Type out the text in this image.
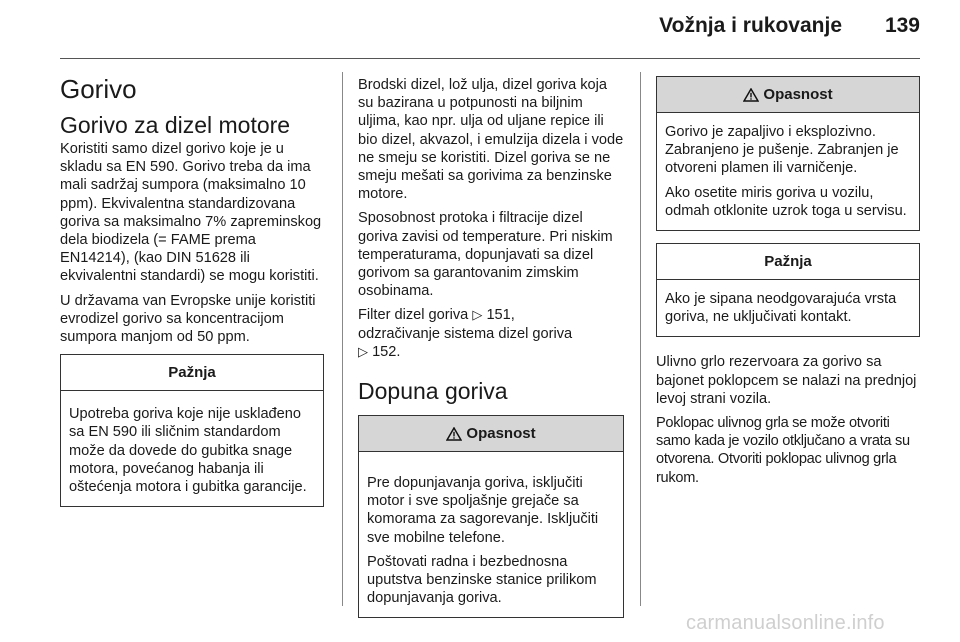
Vožnja i rukovanje 139
Gorivo
Gorivo za dizel motore

Koristiti samo dizel gorivo koje je u skladu sa EN 590. Gorivo treba da ima mali sadržaj sumpora (maksimalno 10 ppm). Ekvivalentna standardizovana goriva sa maksimalno 7% zapreminskog dela biodizela (= FAME prema EN14214), (kao DIN 51628 ili ekvivalentni standardi) se mogu koristiti.

U državama van Evropske unije koristiti evrodizel gorivo sa koncentracijom sumpora manjom od 50 ppm.

Pažnja

Upotreba goriva koje nije usklađeno sa EN 590 ili sličnim standardom može da dovede do gubitka snage motora, povećanog habanja ili oštećenja motora i gubitka garancije.

Brodski dizel, lož ulja, dizel goriva koja su bazirana u potpunosti na biljnim uljima, kao npr. ulja od uljane repice ili bio dizel, akvazol, i emulzija dizela i vode ne smeju se koristiti. Dizel goriva se ne smeju mešati sa gorivima za benzinske motore.

Sposobnost protoka i filtracije dizel goriva zavisi od temperature. Pri niskim temperaturama, dopunjavati sa dizel gorivom sa garantovanim zimskim osobinama.

Filter dizel goriva ▷ 151,
odzračivanje sistema dizel goriva
▷ 152.

Dopuna goriva
Opasnost

Pre dopunjavanja goriva, isključiti motor i sve spoljašnje grejače sa komorama za sagorevanje. Isključiti sve mobilne telefone.

Poštovati radna i bezbednosna uputstva benzinske stanice prilikom dopunjavanja goriva.

Opasnost

Gorivo je zapaljivo i eksplozivno. Zabranjeno je pušenje. Zabranjen je otvoreni plamen ili varničenje.

Ako osetite miris goriva u vozilu, odmah otklonite uzrok toga u servisu.

Pažnja

Ako je sipana neodgovarajuća vrsta goriva, ne uključivati kontakt.

Ulivno grlo rezervoara za gorivo sa bajonet poklopcem se nalazi na prednjoj levoj strani vozila.

Poklopac ulivnog grla se može otvoriti samo kada je vozilo otključano a vrata su otvorena. Otvoriti poklopac ulivnog grla rukom.

carmanualsonline.info
